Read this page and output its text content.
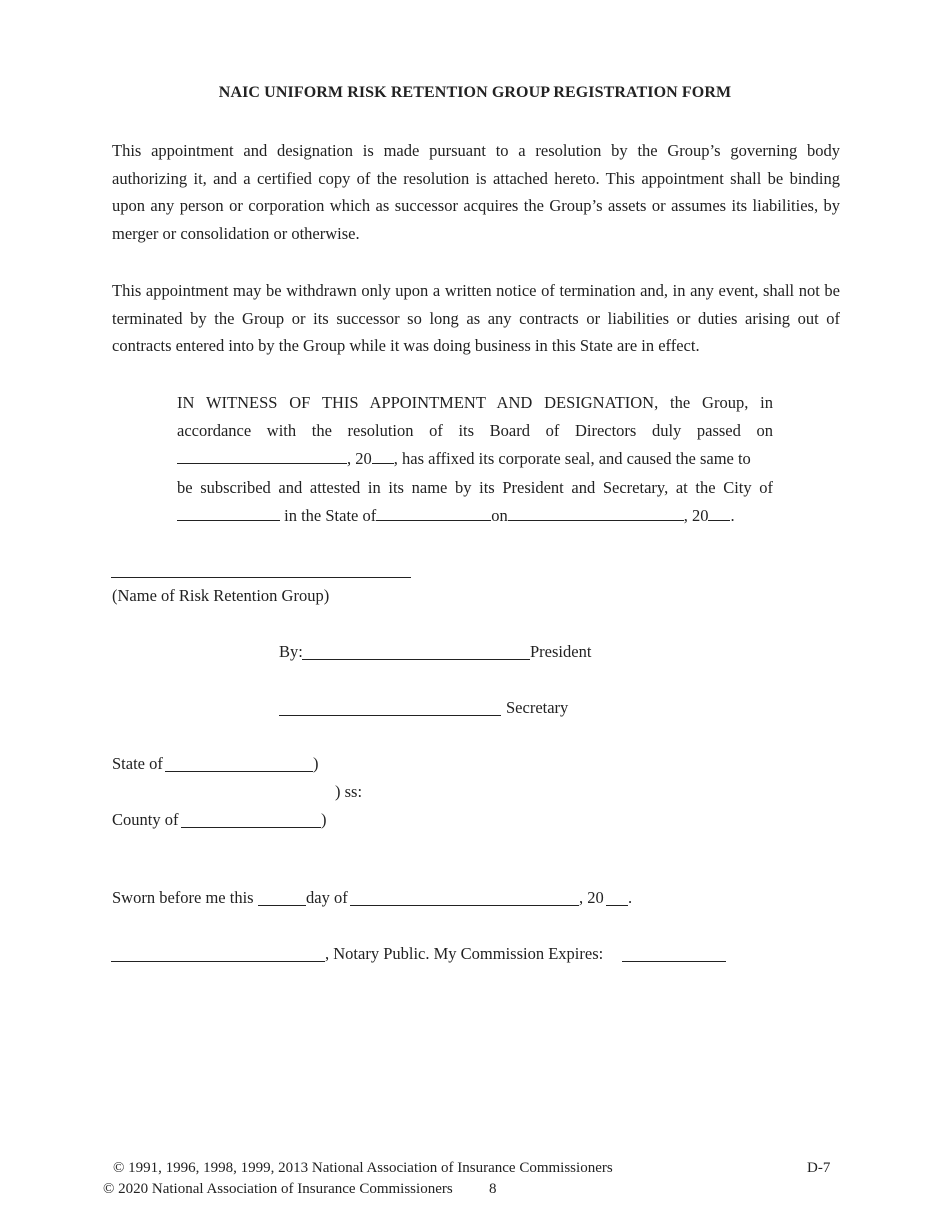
NAIC UNIFORM RISK RETENTION GROUP REGISTRATION FORM
This appointment and designation is made pursuant to a resolution by the Group’s governing body authorizing it, and a certified copy of the resolution is attached hereto. This appointment shall be binding upon any person or corporation which as successor acquires the Group’s assets or assumes its liabilities, by merger or consolidation or otherwise.
This appointment may be withdrawn only upon a written notice of termination and, in any event, shall not be terminated by the Group or its successor so long as any contracts or liabilities or duties arising out of contracts entered into by the Group while it was doing business in this State are in effect.
IN WITNESS OF THIS APPOINTMENT AND DESIGNATION, the Group, in
accordance with the resolution of its Board of Directors duly passed on
, 20 , has affixed its corporate seal, and caused the same to
be subscribed and attested in its name by its President and Secretary, at the City of
in the State of	on	, 20 .
(Name of Risk Retention Group)
By:	President
Secretary
State of	)
) ss:
County of	)
Sworn before me this	day of	, 20 .
, Notary Public. My Commission Expires:
© 1991, 1996, 1998, 1999, 2013 National Association of Insurance Commissioners	D-7
© 2020 National Association of Insurance Commissioners 8
